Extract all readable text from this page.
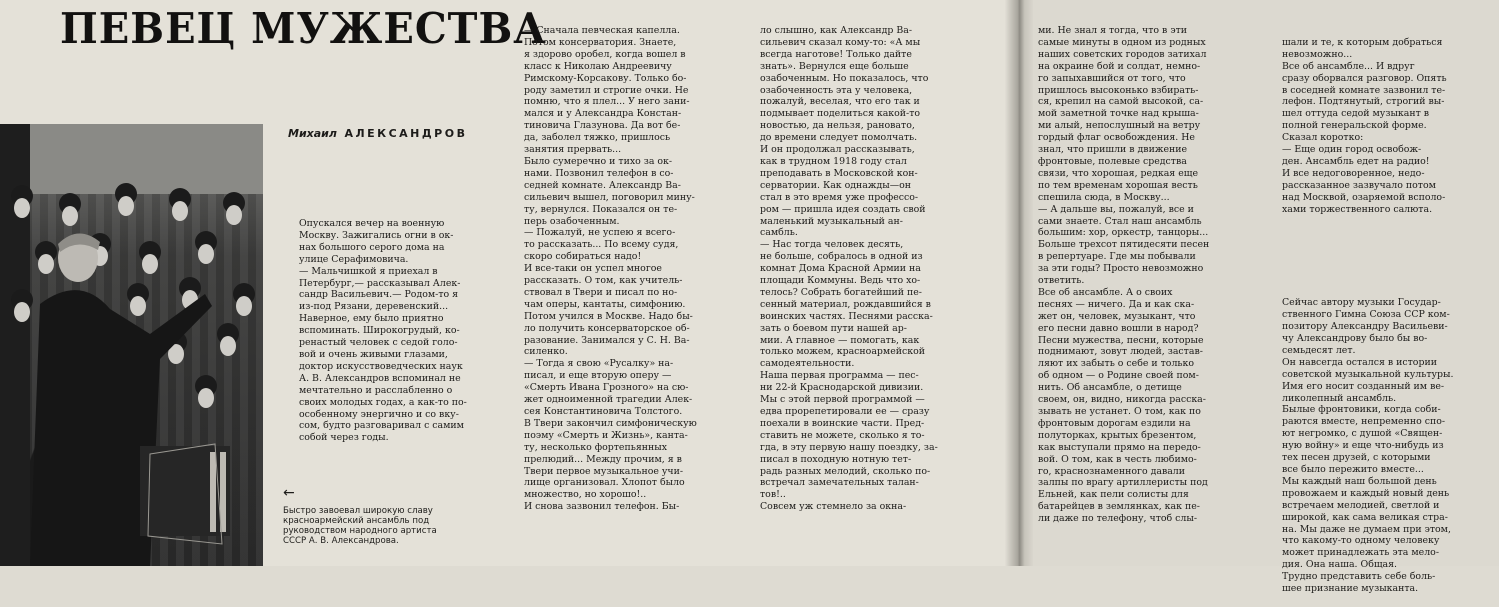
ПЕВЕЦ МУЖЕСТВА

Михаил АЛЕКСАНДРОВ

←

Быстро завоевал широкую славу
красноармейский ансамбль под
руководством народного артиста
СССР А. В. Александрова.

Опускался вечер на военную
Москву. Зажигались огни в ок-
нах большого серого дома на
улице Серафимовича.
— Мальчишкой я приехал в
Петербург,— рассказывал Алек-
сандр Васильевич.— Родом-то я
из-под Рязани, деревенский...
Наверное, ему было приятно
вспоминать. Широкогрудый, ко-
ренастый человек с седой голо-
вой и очень живыми глазами,
доктор искусствоведческих наук
А. В. Александров вспоминал не
мечтательно и расслабленно о
своих молодых годах, а как-то по-
особенному энергично и со вку-
сом, будто разговаривал с самим
собой через годы.

— Сначала певческая капелла.
Потом консерватория. Знаете,
я здорово оробел, когда вошел в
класс к Николаю Андреевичу
Римскому-Корсакову. Только бо-
роду заметил и строгие очки. Не
помню, что я плел... У него зани-
мался и у Александра Констан-
тиновича Глазунова. Да вот бе-
да, заболел тяжко, пришлось
занятия прервать...
Было сумеречно и тихо за ок-
нами. Позвонил телефон в со-
седней комнате. Александр Ва-
сильевич вышел, поговорил мину-
ту, вернулся. Показался он те-
перь озабоченным.
— Пожалуй, не успею я всего-
то рассказать... По всему судя,
скоро собираться надо!
И все-таки он успел многое
рассказать. О том, как учитель-
ствовал в Твери и писал по но-
чам оперы, кантаты, симфонию.
Потом учился в Москве. Надо бы-
ло получить консерваторское об-
разование. Занимался у С. Н. Ва-
силенко.
— Тогда я свою «Русалку» на-
писал, и еще вторую оперу —
«Смерть Ивана Грозного» на сю-
жет одноименной трагедии Алек-
сея Константиновича Толстого.
В Твери закончил симфоническую
поэму «Смерть и Жизнь», канта-
ту, несколько фортепьянных
прелюдий... Между прочим, я в
Твери первое музыкальное учи-
лище организовал. Хлопот было
множество, но хорошо!..
И снова зазвонил телефон. Бы-

ло слышно, как Александр Ва-
сильевич сказал кому-то: «А мы
всегда наготове! Только дайте
знать». Вернулся еще больше
озабоченным. Но показалось, что
озабоченность эта у человека,
пожалуй, веселая, что его так и
подмывает поделиться какой-то
новостью, да нельзя, рановато,
до времени следует помолчать.
И он продолжал рассказывать,
как в трудном 1918 году стал
преподавать в Московской кон-
серватории. Как однажды—он
стал в это время уже профессо-
ром — пришла идея создать свой
маленький музыкальный ан-
самбль.
— Нас тогда человек десять,
не больше, собралось в одной из
комнат Дома Красной Армии на
площади Коммуны. Ведь что хо-
телось? Собрать богатейший пе-
сенный материал, рождавшийся в
воинских частях. Песнями расска-
зать о боевом пути нашей ар-
мии. А главное — помогать, как
только можем, красноармейской
самодеятельности.
Наша первая программа — пес-
ни 22-й Краснодарской дивизии.
Мы с этой первой программой —
едва прорепетировали ее — сразу
поехали в воинские части. Пред-
ставить не можете, сколько я то-
гда, в эту первую нашу поездку, за-
писал в походную нотную тет-
радь разных мелодий, сколько по-
встречал замечательных талан-
тов!..
Совсем уж стемнело за окна-

ми. Не знал я тогда, что в эти
самые минуты в одном из родных
наших советских городов затихал
на окраине бой и солдат, немно-
го запыхавшийся от того, что
пришлось высоконько взбирать-
ся, крепил на самой высокой, са-
мой заметной точке над крыша-
ми алый, непослушный на ветру
гордый флаг освобождения. Не
знал, что пришли в движение
фронтовые, полевые средства
связи, что хорошая, редкая еще
по тем временам хорошая весть
спешила сюда, в Москву...
— А дальше вы, пожалуй, все и
сами знаете. Стал наш ансамбль
большим: хор, оркестр, танцоры...
Больше трехсот пятидесяти песен
в репертуаре. Где мы побывали
за эти годы? Просто невозможно
ответить.
Все об ансамбле. А о своих
песнях — ничего. Да и как ска-
жет он, человек, музыкант, что
его песни давно вошли в народ?
Песни мужества, песни, которые
поднимают, зовут людей, застав-
ляют их забыть о себе и только
об одном — о Родине своей пом-
нить. Об ансамбле, о детище
своем, он, видно, никогда расска-
зывать не устанет. О том, как по
фронтовым дорогам ездили на
полуторках, крытых брезентом,
как выступали прямо на передо-
вой. О том, как в честь любимо-
го, краснознаменного давали
залпы по врагу артиллеристы под
Ельней, как пели солисты для
батарейцев в землянках, как пе-
ли даже по телефону, чтоб слы-

шали и те, к которым добраться
невозможно...
Все об ансамбле... И вдруг
сразу оборвался разговор. Опять
в соседней комнате зазвонил те-
лефон. Подтянутый, строгий вы-
шел оттуда седой музыкант в
полной генеральской форме.
Сказал коротко:
— Еще один город освобож-
ден. Ансамбль едет на радио!
И все недоговоренное, недо-
рассказанное зазвучало потом
над Москвой, озаряемой всполо-
хами торжественного салюта.

Сейчас автору музыки Государ-
ственного Гимна Союза ССР ком-
позитору Александру Васильеви-
чу Александрову было бы во-
семьдесят лет.
Он навсегда остался в истории
советской музыкальной культуры.
Имя его носит созданный им ве-
ликолепный ансамбль.
Былые фронтовики, когда соби-
раются вместе, непременно спо-
ют негромко, с душой «Священ-
ную войну» и еще что-нибудь из
тех песен друзей, с которыми
все было пережито вместе...
Мы каждый наш большой день
провожаем и каждый новый день
встречаем мелодией, светлой и
широкой, как сама великая стра-
на. Мы даже не думаем при этом,
что какому-то одному человеку
может принадлежать эта мело-
дия. Она наша. Общая.
Трудно представить себе боль-
шее признание музыканта.
